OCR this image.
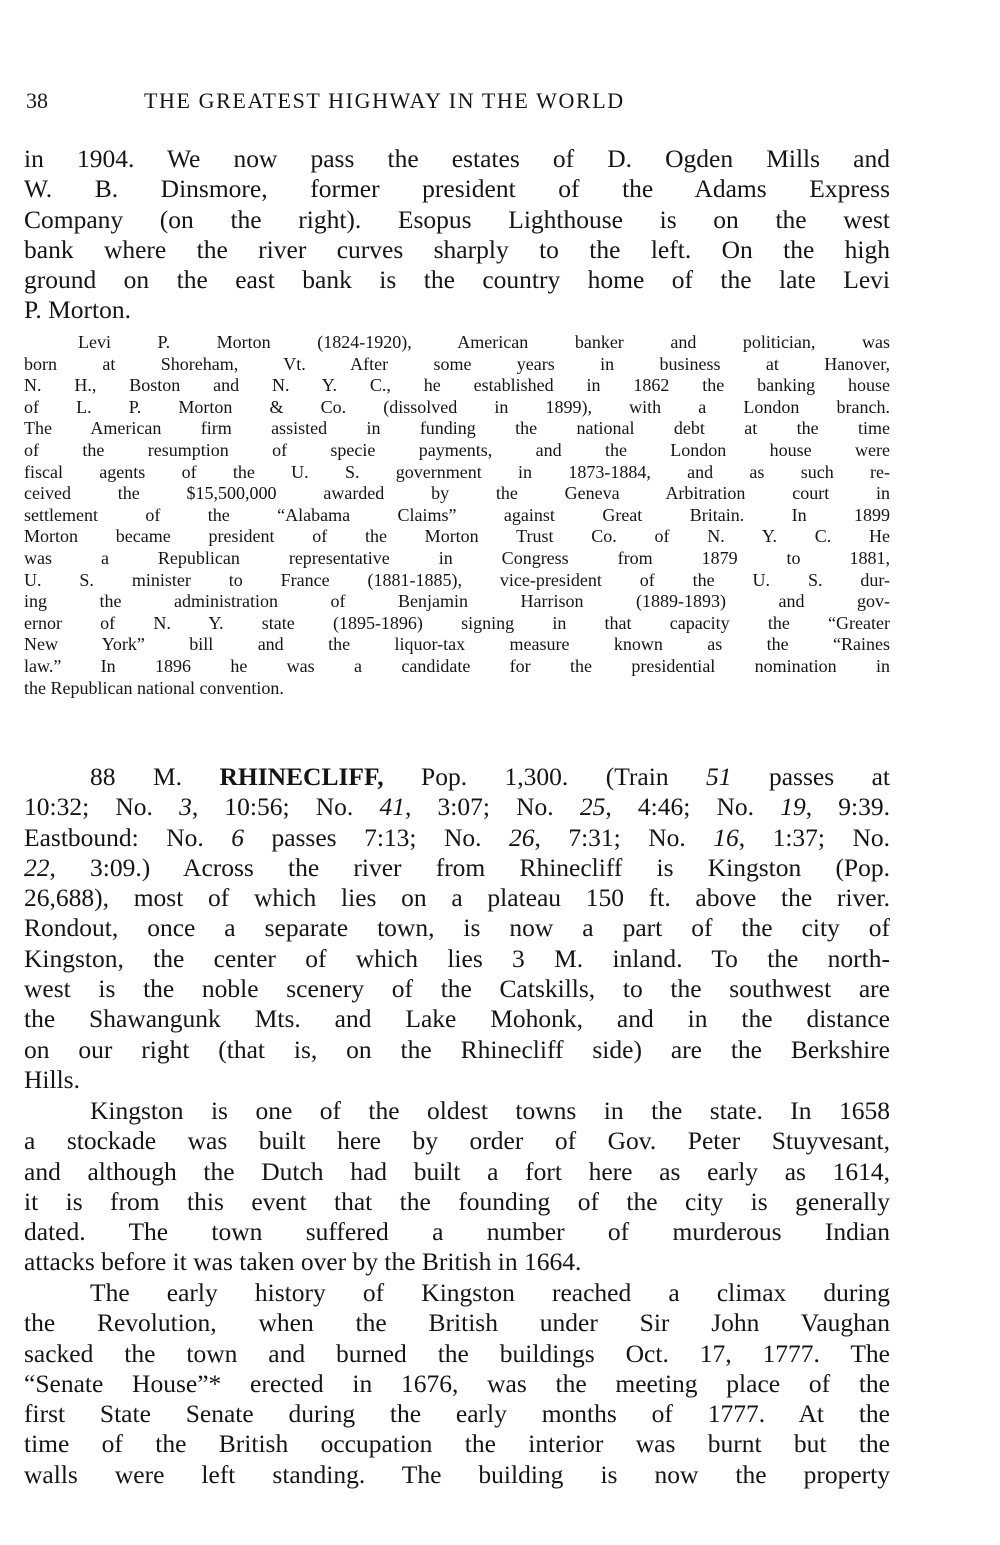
38	THE GREATEST HIGHWAY IN THE WORLD

in 1904. We now pass the estates of D. Ogden Mills and
W. B. Dinsmore, former president of the Adams Express
Company (on the right). Esopus Lighthouse is on the west
bank where the river curves sharply to the left. On the high
ground on the east bank is the country home of the late Levi
P. Morton.

Levi P. Morton (1824-1920), American banker and politician, was
born at Shoreham, Vt. After some years in business at Hanover,
N. H., Boston and N. Y. C., he established in 1862 the banking house
of L. P. Morton & Co. (dissolved in 1899), with a London branch.
The American firm assisted in funding the national debt at the time
of the resumption of specie payments, and the London house were
fiscal agents of the U. S. government in 1873-1884, and as such re-
ceived the $15,500,000 awarded by the Geneva Arbitration court in
settlement of the “Alabama Claims” against Great Britain. In 1899
Morton became president of the Morton Trust Co. of N. Y. C. He
was a Republican representative in Congress from 1879 to 1881,
U. S. minister to France (1881-1885), vice-president of the U. S. dur-
ing the administration of Benjamin Harrison (1889-1893) and gov-
ernor of N. Y. state (1895-1896) signing in that capacity the “Greater
New York” bill and the liquor-tax measure known as the “Raines
law.” In 1896 he was a candidate for the presidential nomination in
the Republican national convention.

88 M. RHINECLIFF, Pop. 1,300. (Train 51 passes at
10:32; No. 3, 10:56; No. 41, 3:07; No. 25, 4:46; No. 19, 9:39.
Eastbound: No. 6 passes 7:13; No. 26, 7:31; No. 16, 1:37; No.
22, 3:09.) Across the river from Rhinecliff is Kingston (Pop.
26,688), most of which lies on a plateau 150 ft. above the river.
Rondout, once a separate town, is now a part of the city of
Kingston, the center of which lies 3 M. inland. To the north-
west is the noble scenery of the Catskills, to the southwest are
the Shawangunk Mts. and Lake Mohonk, and in the distance
on our right (that is, on the Rhinecliff side) are the Berkshire
Hills.

Kingston is one of the oldest towns in the state. In 1658
a stockade was built here by order of Gov. Peter Stuyvesant,
and although the Dutch had built a fort here as early as 1614,
it is from this event that the founding of the city is generally
dated. The town suffered a number of murderous Indian
attacks before it was taken over by the British in 1664.

The early history of Kingston reached a climax during
the Revolution, when the British under Sir John Vaughan
sacked the town and burned the buildings Oct. 17, 1777. The
“Senate House”* erected in 1676, was the meeting place of the
first State Senate during the early months of 1777. At the
time of the British occupation the interior was burnt but the
walls were left standing. The building is now the property
